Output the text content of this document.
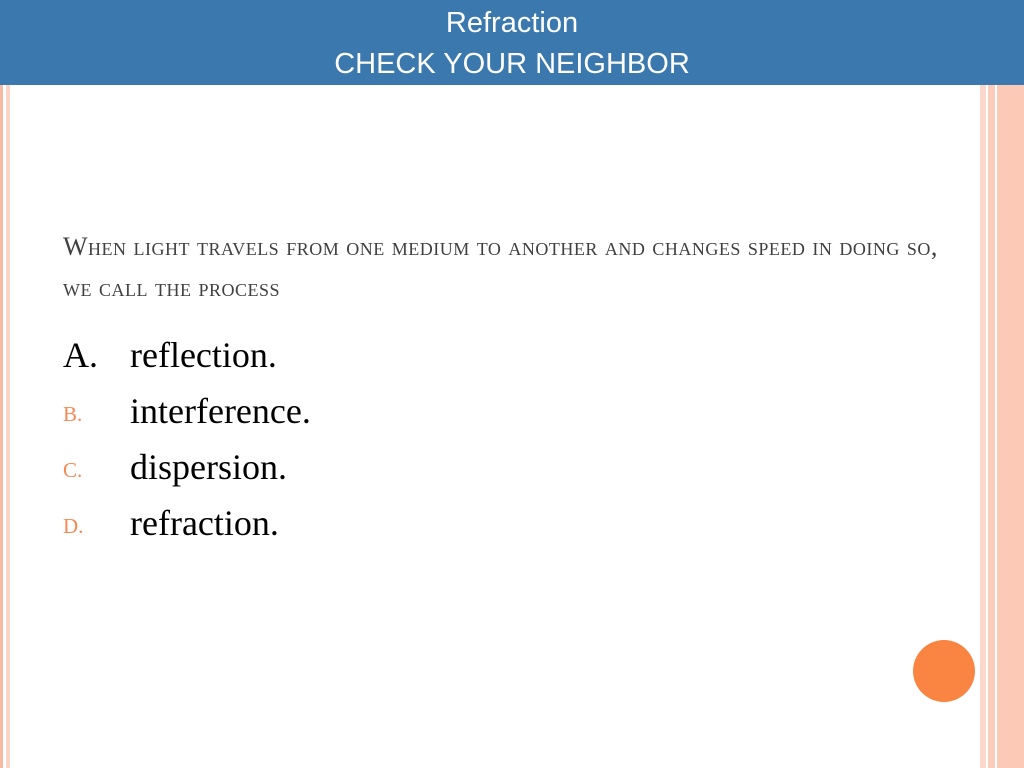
Refraction
CHECK YOUR NEIGHBOR
When light travels from one medium to another and changes speed in doing so, we call the process
A. reflection.
B. interference.
C. dispersion.
D. refraction.
